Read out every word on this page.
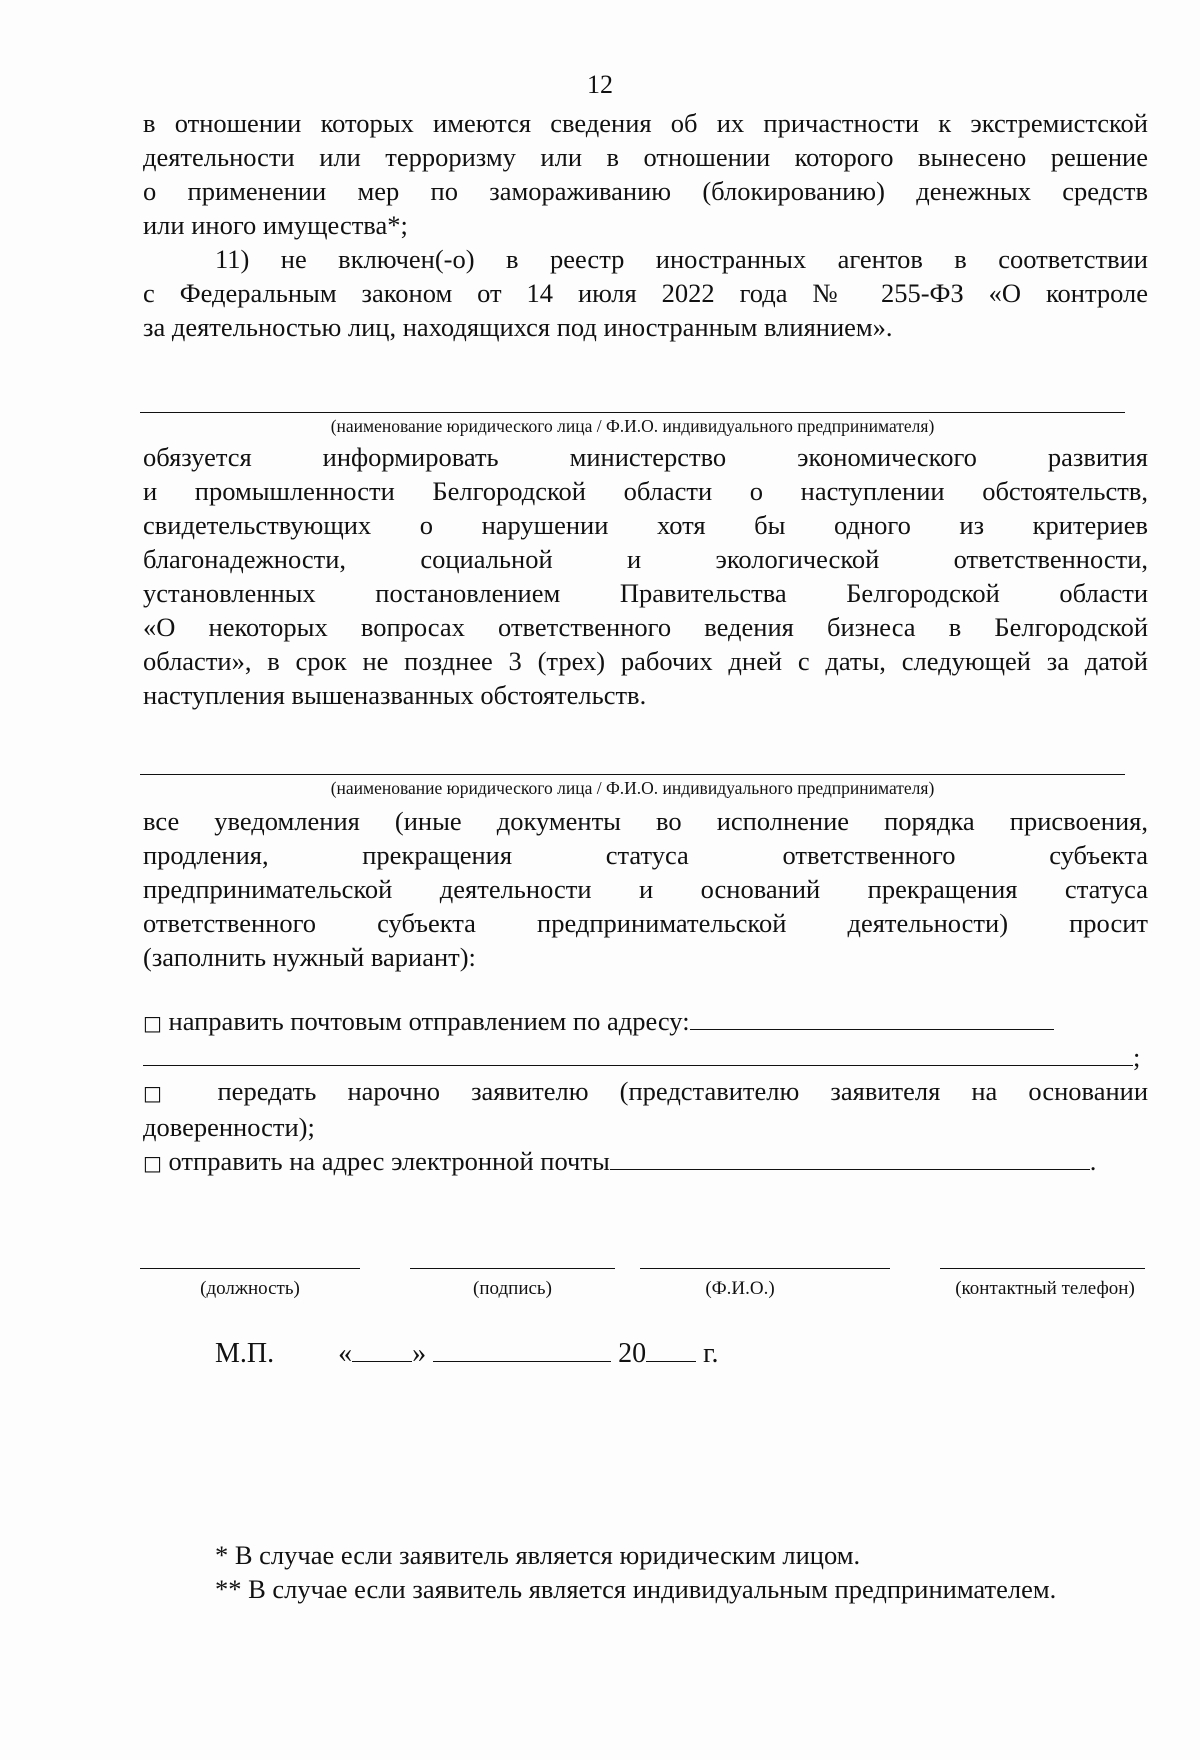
12

в отношении которых имеются сведения об их причастности к экстремистской

деятельности или терроризму или в отношении которого вынесено решение

о применении мер по замораживанию (блокированию) денежных средств

или иного имущества*;

11) не включен(-о) в реестр иностранных агентов в соответствии

с Федеральным законом от 14 июля 2022 года № 255-ФЗ «О контроле

за деятельностью лиц, находящихся под иностранным влиянием».

(наименование юридического лица / Ф.И.О. индивидуального предпринимателя)

обязуется информировать министерство экономического развития

и промышленности Белгородской области о наступлении обстоятельств,

свидетельствующих о нарушении хотя бы одного из критериев

благонадежности, социальной и экологической ответственности,

установленных постановлением Правительства Белгородской области

«О некоторых вопросах ответственного ведения бизнеса в Белгородской

области», в срок не позднее 3 (трех) рабочих дней с даты, следующей за датой

наступления вышеназванных обстоятельств.

(наименование юридического лица / Ф.И.О. индивидуального предпринимателя)

все уведомления (иные документы во исполнение порядка присвоения,

продления, прекращения статуса ответственного субъекта

предпринимательской деятельности и оснований прекращения статуса

ответственного субъекта предпринимательской деятельности) просит

(заполнить нужный вариант):

□ направить почтовым отправлением по адресу:

;

□ передать нарочно заявителю (представителю заявителя на основании

доверенности);

□ отправить на адрес электронной почты	.

(должность)	(подпись)	(Ф.И.О.)	(контактный телефон)
М.П. « »	20 г.

* В случае если заявитель является юридическим лицом.

** В случае если заявитель является индивидуальным предпринимателем.
